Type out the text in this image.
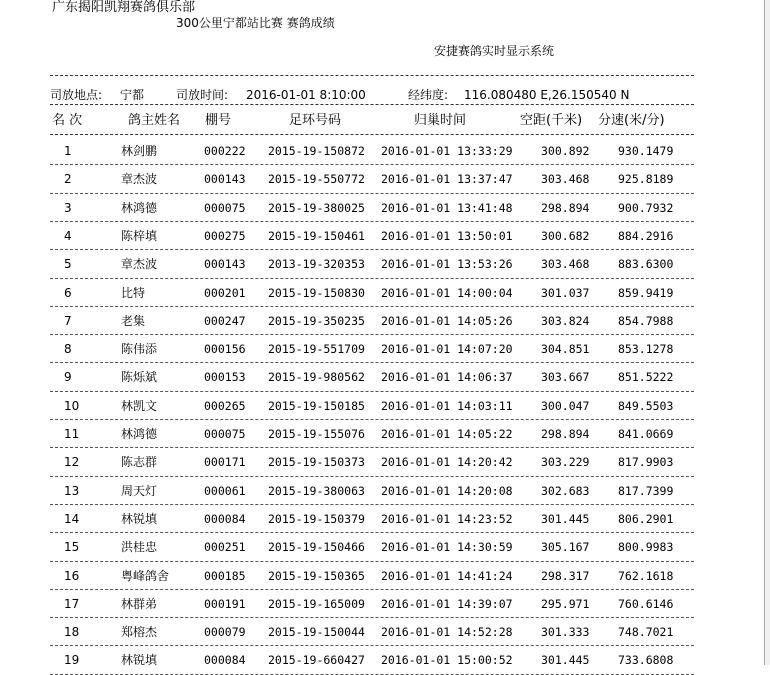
广东揭阳凯翔赛鸽俱乐部
300公里宁都站比赛 赛鸽成绩
安捷赛鸽实时显示系统
司放地点: 宁都	司放时间: 2016-01-01 8:10:00	经纬度: 116.080480 E,26.150540 N
名 次	鸽主姓名 棚号	足环号码	归巢时间	空距(千米) 分速(米/分)
1	林剑鹏	000222 2015-19-150872 2016-01-01 13:33:29 300.892 930.1479
2	章杰波	000143 2015-19-550772 2016-01-01 13:37:47 303.468 925.8189
3	林鸿德	000075 2015-19-380025 2016-01-01 13:41:48 298.894 900.7932
4	陈梓填	000275 2015-19-150461 2016-01-01 13:50:01 300.682 884.2916
5	章杰波	000143 2013-19-320353 2016-01-01 13:53:26 303.468 883.6300
6	比特	000201 2015-19-150830 2016-01-01 14:00:04 301.037 859.9419
7	老集	000247 2015-19-350235 2016-01-01 14:05:26 303.824 854.7988
8	陈伟添	000156 2015-19-551709 2016-01-01 14:07:20 304.851 853.1278
9	陈烁斌	000153 2015-19-980562 2016-01-01 14:06:37 303.667 851.5222
10	林凯文	000265 2015-19-150185 2016-01-01 14:03:11 300.047 849.5503
11	林鸿德	000075 2015-19-155076 2016-01-01 14:05:22 298.894 841.0669
12	陈志群	000171 2015-19-150373 2016-01-01 14:20:42 303.229 817.9903
13	周天灯	000061 2015-19-380063 2016-01-01 14:20:08 302.683 817.7399
14	林锐填	000084 2015-19-150379 2016-01-01 14:23:52 301.445 806.2901
15	洪桂忠	000251 2015-19-150466 2016-01-01 14:30:59 305.167 800.9983
16	粤峰鸽舍	000185 2015-19-150365 2016-01-01 14:41:24 298.317 762.1618
17	林群弟	000191 2015-19-165009 2016-01-01 14:39:07 295.971 760.6146
18	郑榕杰	000079 2015-19-150044 2016-01-01 14:52:28 301.333 748.7021
19	林锐填	000084 2015-19-660427 2016-01-01 15:00:52 301.445 733.6808
